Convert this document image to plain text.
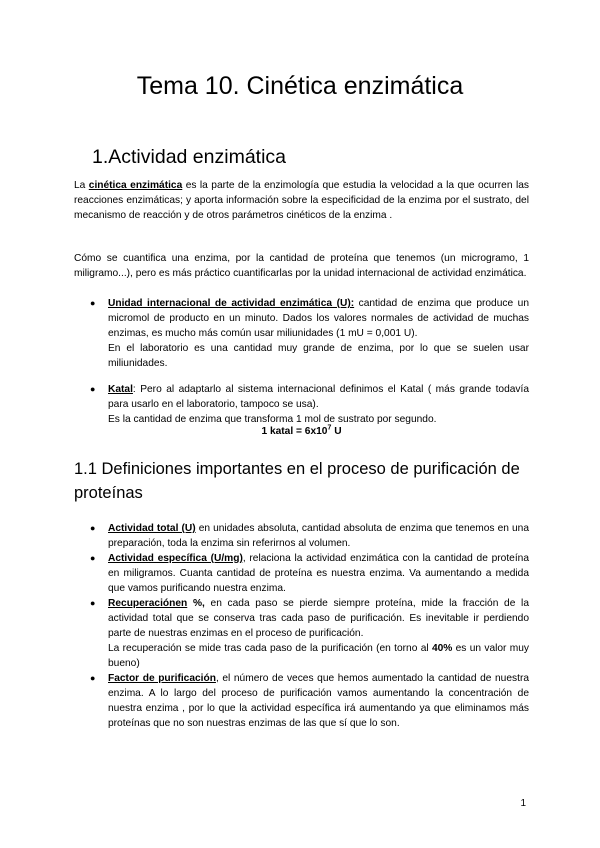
Tema 10. Cinética enzimática
1.Actividad enzimática
La cinética enzimática es la parte de la enzimología que estudia la velocidad a la que ocurren las reacciones enzimáticas; y aporta información sobre la especificidad de la enzima por el sustrato, del mecanismo de reacción y de otros parámetros cinéticos de la enzima .
Cómo se cuantifica una enzima, por la cantidad de proteína que tenemos (un microgramo, 1 miligramo...), pero es más práctico cuantificarlas por la unidad internacional de actividad enzimática.
● Unidad internacional de actividad enzimática (U): cantidad de enzima que produce un micromol de producto en un minuto. Dados los valores normales de actividad de muchas enzimas, es mucho más común usar miliunidades (1 mU = 0,001 U).
En el laboratorio es una cantidad muy grande de enzima, por lo que se suelen usar miliunidades.
● Katal: Pero al adaptarlo al sistema internacional definimos el Katal ( más grande todavía para usarlo en el laboratorio, tampoco se usa).
Es la cantidad de enzima que transforma 1 mol de sustrato por segundo.
1 katal = $6x10^7$ U
1.1 Definiciones importantes en el proceso de purificación de proteínas
● Actividad total (U) en unidades absoluta, cantidad absoluta de enzima que tenemos en una preparación, toda la enzima sin referirnos al volumen.
● Actividad específica (U/mg), relaciona la actividad enzimática con la cantidad de proteína en miligramos. Cuanta cantidad de proteína es nuestra enzima. Va aumentando a medida que vamos purificando nuestra enzima.
● Recuperaciónen %, en cada paso se pierde siempre proteína, mide la fracción de la actividad total que se conserva tras cada paso de purificación. Es inevitable ir perdiendo parte de nuestras enzimas en el proceso de purificación.
La recuperación se mide tras cada paso de la purificación (en torno al 40% es un valor muy bueno)
● Factor de purificación, el número de veces que hemos aumentado la cantidad de nuestra enzima. A lo largo del proceso de purificación vamos aumentando la concentración de nuestra enzima , por lo que la actividad específica irá aumentando ya que eliminamos más proteínas que no son nuestras enzimas de las que sí que lo son.
1
